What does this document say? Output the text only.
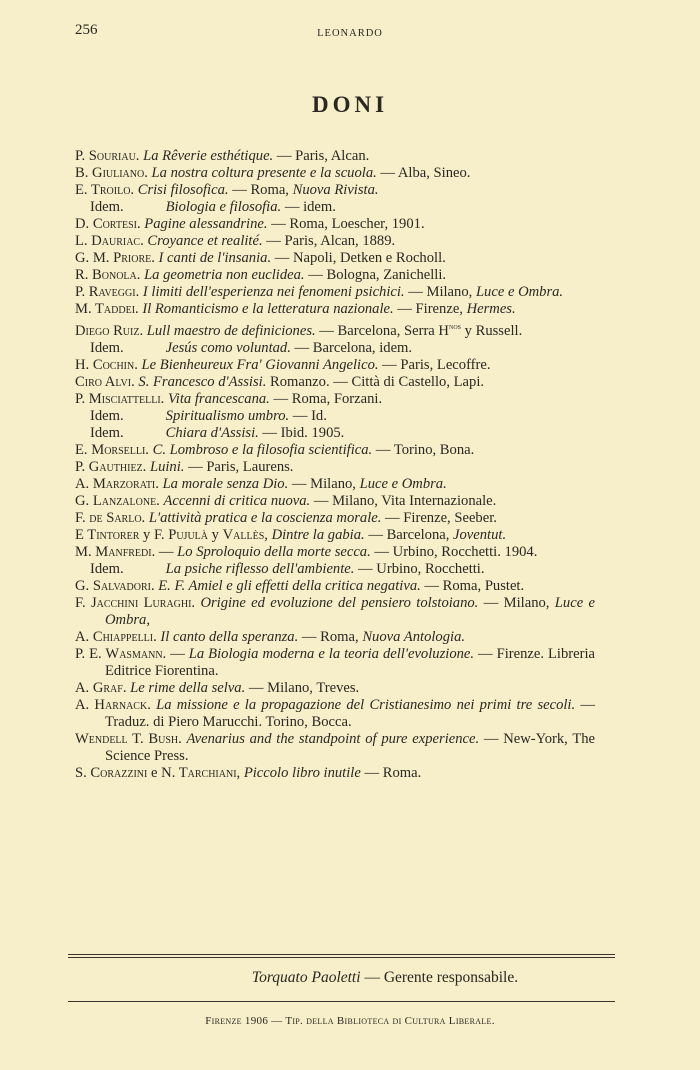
256	LEONARDO
DONI
P. Souriau. La Rêverie esthétique. — Paris, Alcan.
B. Giuliano. La nostra coltura presente e la scuola. — Alba, Sineo.
E. Troilo. Crisi filosofica. — Roma, Nuova Rivista.
Idem.	Biologia e filosofia. — idem.
D. Cortesi. Pagine alessandrine. — Roma, Loescher, 1901.
L. Dauriac. Croyance et realité. — Paris, Alcan, 1889.
G. M. Priore. I canti de l'insania. — Napoli, Detken e Rocholl.
R. Bonola. La geometria non euclidea. — Bologna, Zanichelli.
P. Raveggi. I limiti dell'esperienza nei fenomeni psichici. — Milano, Luce e Ombra.
M. Taddei. Il Romanticismo e la letteratura nazionale. — Firenze, Hermes.
Diego Ruiz. Lull maestro de definiciones. — Barcelona, Serra $H^{nos}$ y Russell.
Idem.	Jesús como voluntad. — Barcelona, idem.
H. Cochin. Le Bienheureux Fra' Giovanni Angelico. — Paris, Lecoffre.
Ciro Alvi. S. Francesco d'Assisi. Romanzo. — Città di Castello, Lapi.
P. Misciattelli. Vita francescana. — Roma, Forzani.
Idem.	Spiritualismo umbro. — Id.
Idem.	Chiara d'Assisi. — Ibid. 1905.
E. Morselli. C. Lombroso e la filosofia scientifica. — Torino, Bona.
P. Gauthiez. Luini. — Paris, Laurens.
A. Marzorati. La morale senza Dio. — Milano, Luce e Ombra.
G. Lanzalone. Accenni di critica nuova. — Milano, Vita Internazionale.
F. de Sarlo. L'attività pratica e la coscienza morale. — Firenze, Seeber.
E Tintorer y F. Pujulà y Vallès, Dintre la gabia. — Barcelona, Joventut.
M. Manfredi. — Lo Sproloquio della morte secca. — Urbino, Rocchetti. 1904.
Idem.	La psiche riflesso dell'ambiente. — Urbino, Rocchetti.
G. Salvadori. E. F. Amiel e gli effetti della critica negativa. — Roma, Pustet.
F. Jacchini Luraghi. Origine ed evoluzione del pensiero tolstoiano. — Milano, Luce e Ombra,
A. Chiappelli. Il canto della speranza. — Roma, Nuova Antologia.
P. E. Wasmann. — La Biologia moderna e la teoria dell'evoluzione. — Firenze. Libreria Editrice Fiorentina.
A. Graf. Le rime della selva. — Milano, Treves.
A. Harnack. La missione e la propagazione del Cristianesimo nei primi tre secoli. — Traduz. di Piero Marucchi. Torino, Bocca.
Wendell T. Bush. Avenarius and the standpoint of pure experience. — New-York, The Science Press.
S. Corazzini e N. Tarchiani, Piccolo libro inutile — Roma.
Torquato Paoletti — Gerente responsabile.
Firenze 1906 — Tip. della Biblioteca di Cultura Liberale.
